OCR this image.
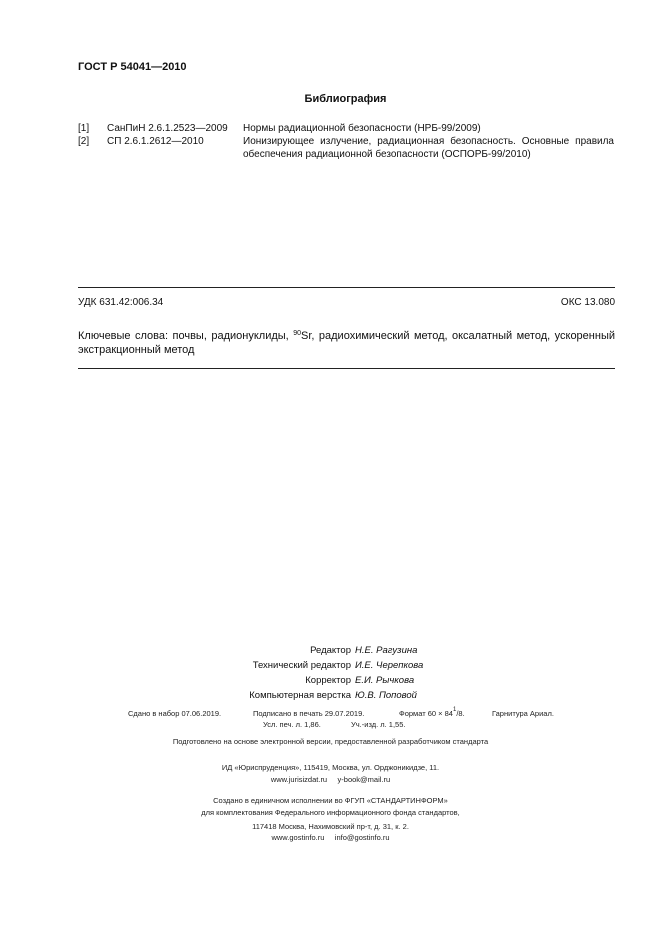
ГОСТ Р 54041—2010
Библиография
[1] СанПиН 2.6.1.2523—2009 Нормы радиационной безопасности (НРБ-99/2009)
[2] СП 2.6.1.2612—2010	Ионизирующее излучение, радиационная безопасность. Основные правила обеспечения радиационной безопасности (ОСПОРБ-99/2010)
УДК 631.42:006.34	ОКС 13.080
Ключевые слова: почвы, радионуклиды, $^{90}$Sr, радиохимический метод, оксалатный метод, ускоренный экстракционный метод
Редактор Н.Е. Рагузина
Технический редактор И.Е. Черепкова
Корректор Е.И. Рычкова
Компьютерная верстка Ю.В. Поповой
Сдано в набор 07.06.2019.	Подписано в печать 29.07.2019.	Формат $60 \times 84^1/8$.	Гарнитура Ариал.
Усл. печ. л. 1,86.	Уч.-изд. л. 1,55.
Подготовлено на основе электронной версии, предоставленной разработчиком стандарта
ИД «Юриспруденция», 115419, Москва, ул. Орджоникидзе, 11.
www.jurisizdat.ru     y-book@mail.ru
Создано в единичном исполнении во ФГУП «СТАНДАРТИНФОРМ»
для комплектования Федерального информационного фонда стандартов,
117418 Москва, Нахимовский пр-т, д. 31, к. 2.
www.gostinfo.ru     info@gostinfo.ru
